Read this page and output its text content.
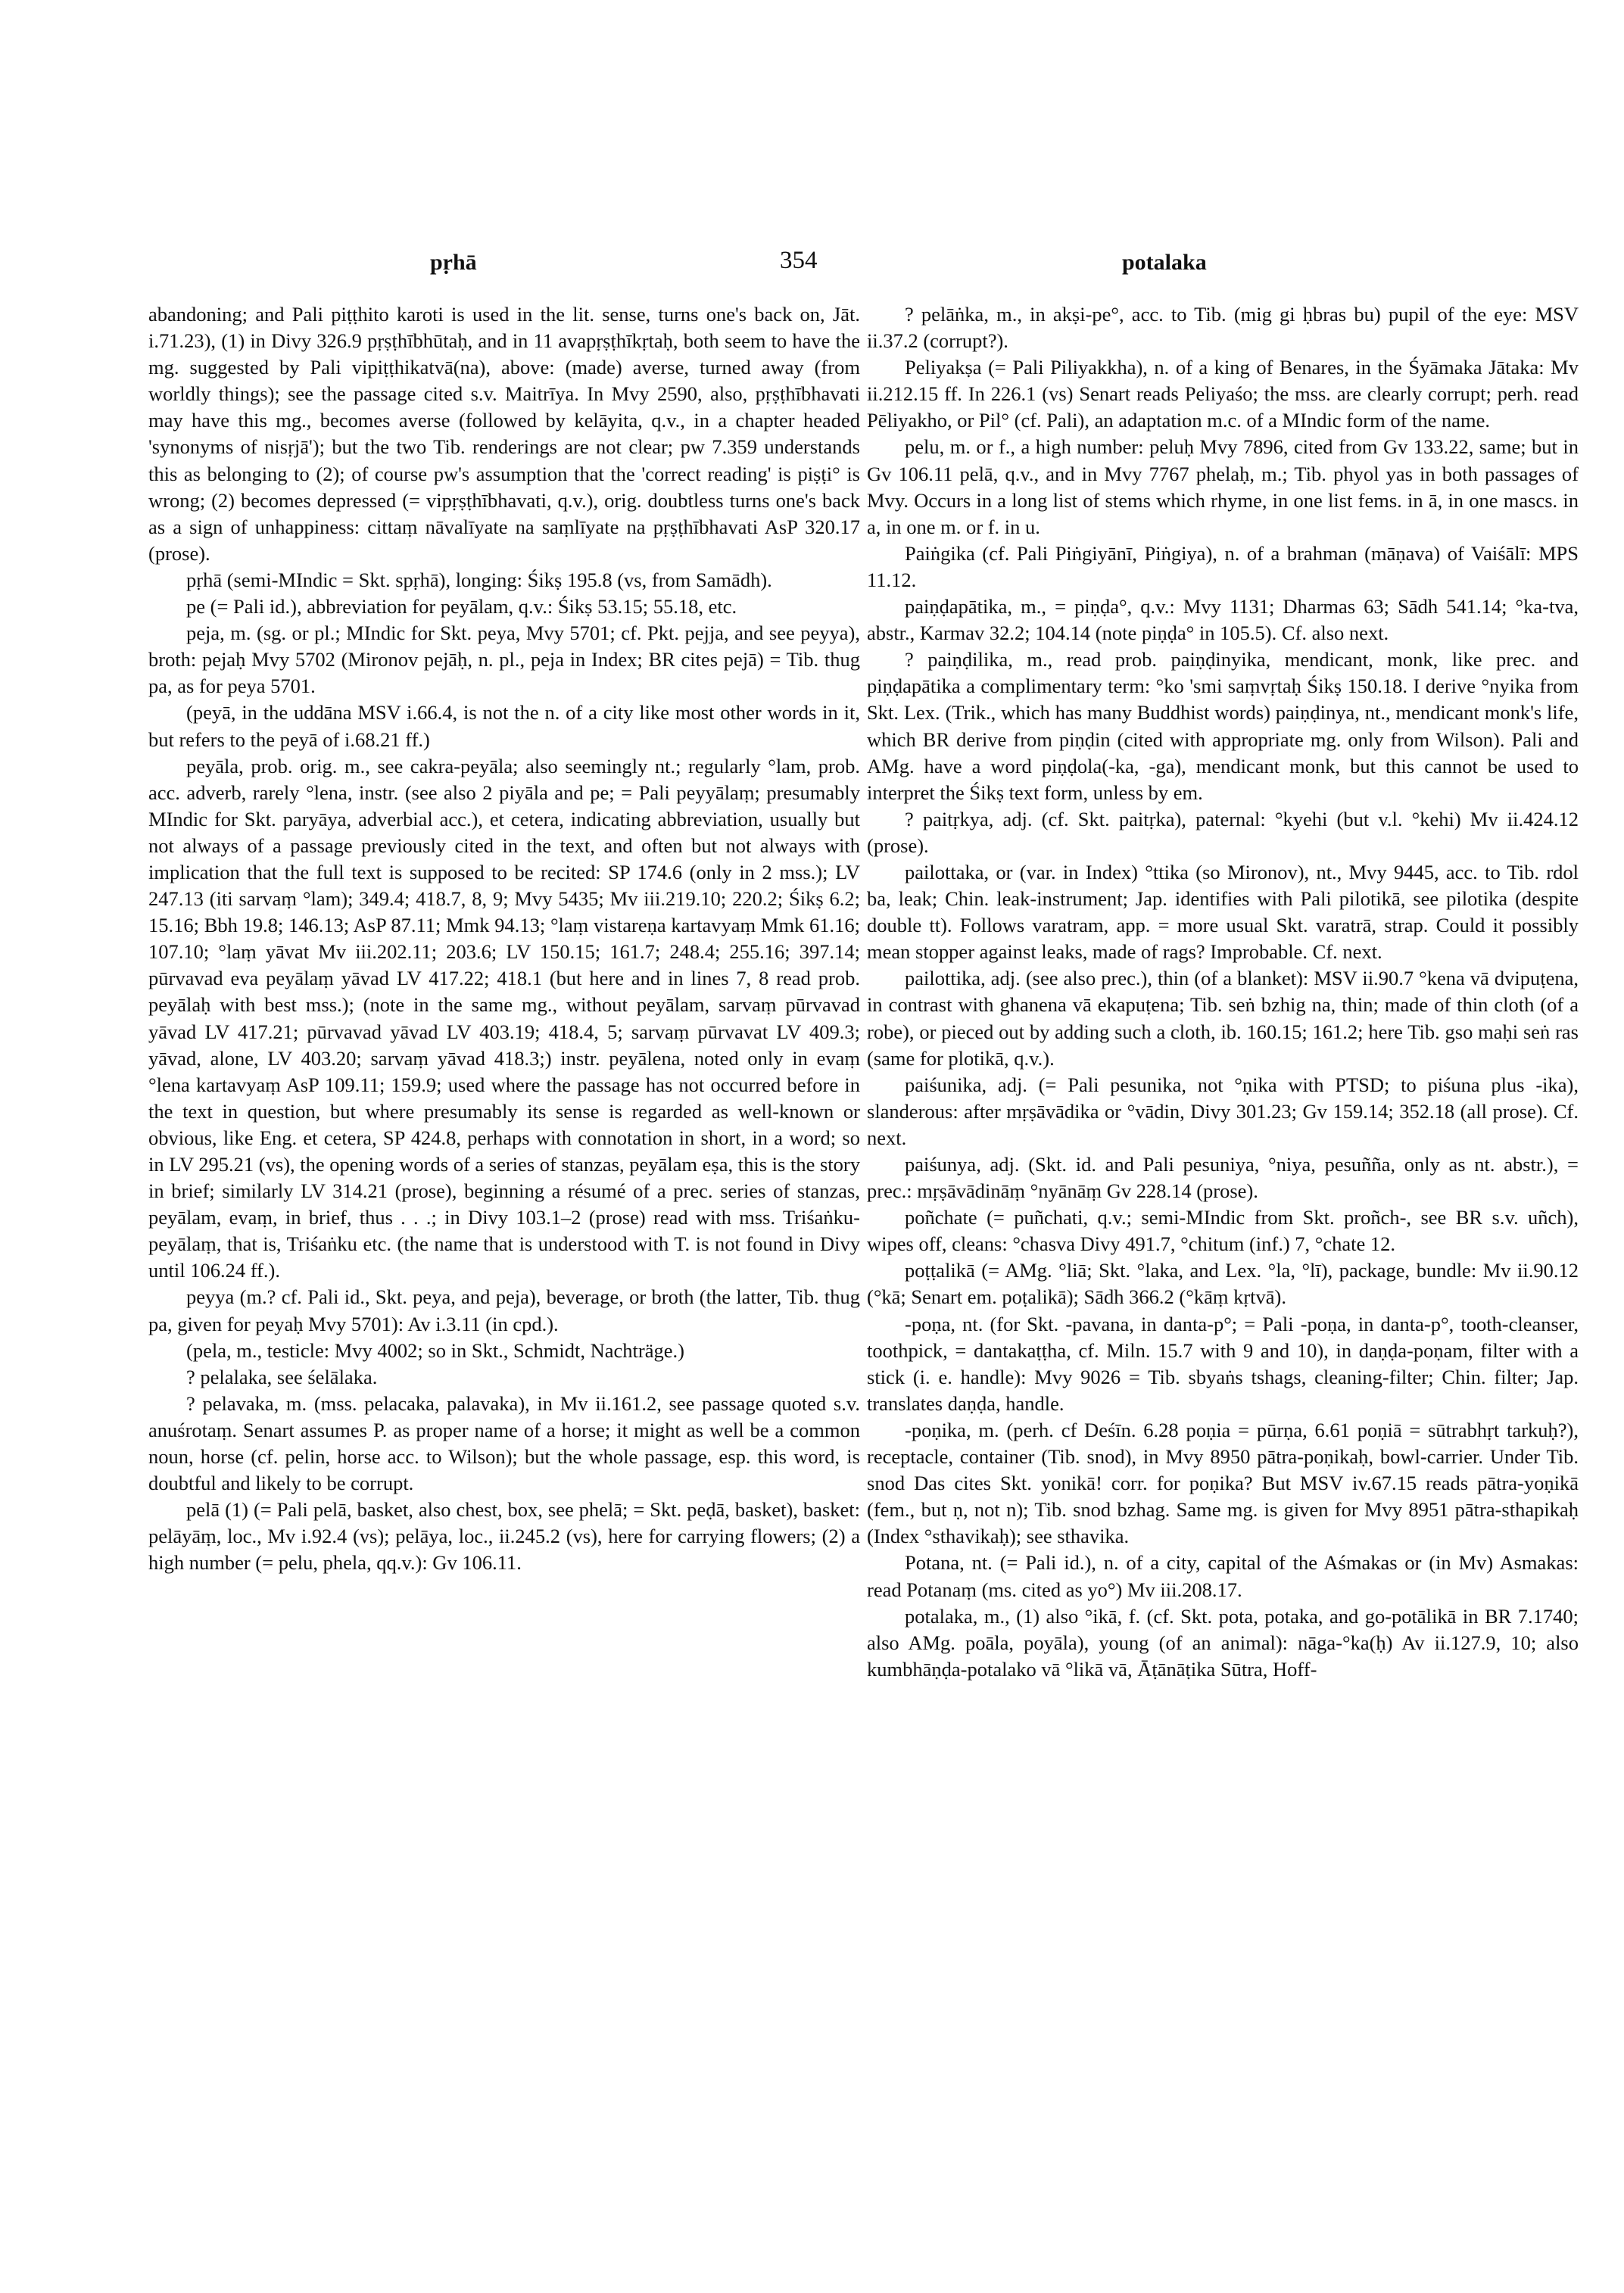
pṛhā	354	potalaka

abandoning; and Pali piṭṭhito karoti is used in the lit. sense, turns one's back on, Jāt. i.71.23), (1) in Divy 326.9 pṛṣṭhībhūtaḥ, and in 11 avapṛṣṭhīkṛtaḥ, both seem to have the mg. suggested by Pali vipiṭṭhikatvā(na), above: (made) averse, turned away (from worldly things); see the passage cited s.v. Maitrīya. In Mvy 2590, also, pṛṣṭhībhavati may have this mg., becomes averse (followed by kelāyita, q.v., in a chapter headed 'synonyms of nisṛjā'); but the two Tib. renderings are not clear; pw 7.359 understands this as belonging to (2); of course pw's assumption that the 'correct reading' is piṣṭi° is wrong; (2) becomes depressed (= vipṛṣṭhībhavati, q.v.), orig. doubtless turns one's back as a sign of unhappiness: cittaṃ nāvalīyate na saṃlīyate na pṛṣṭhībhavati AsP 320.17 (prose).

pṛhā (semi-MIndic = Skt. spṛhā), longing: Śikṣ 195.8 (vs, from Samādh).

pe (= Pali id.), abbreviation for peyālam, q.v.: Śikṣ 53.15; 55.18, etc.

peja, m. (sg. or pl.; MIndic for Skt. peya, Mvy 5701; cf. Pkt. pejja, and see peyya), broth: pejaḥ Mvy 5702 (Mironov pejāḥ, n. pl., peja in Index; BR cites pejā) = Tib. thug pa, as for peya 5701.

(peyā, in the uddāna MSV i.66.4, is not the n. of a city like most other words in it, but refers to the peyā of i.68.21 ff.)

peyāla, prob. orig. m., see cakra-peyāla; also seemingly nt.; regularly °lam, prob. acc. adverb, rarely °lena, instr. (see also 2 piyāla and pe; = Pali peyyālaṃ; presumably MIndic for Skt. paryāya, adverbial acc.), et cetera, indicating abbreviation, usually but not always of a passage previously cited in the text, and often but not always with implication that the full text is supposed to be recited: SP 174.6 (only in 2 mss.); LV 247.13 (iti sarvaṃ °lam); 349.4; 418.7, 8, 9; Mvy 5435; Mv iii.219.10; 220.2; Śikṣ 6.2; 15.16; Bbh 19.8; 146.13; AsP 87.11; Mmk 94.13; °laṃ vistareṇa kartavyaṃ Mmk 61.16; 107.10; °laṃ yāvat Mv iii.202.11; 203.6; LV 150.15; 161.7; 248.4; 255.16; 397.14; pūrvavad eva peyālaṃ yāvad LV 417.22; 418.1 (but here and in lines 7, 8 read prob. peyālaḥ with best mss.); (note in the same mg., without peyālam, sarvaṃ pūrvavad yāvad LV 417.21; pūrvavad yāvad LV 403.19; 418.4, 5; sarvaṃ pūrvavat LV 409.3; yāvad, alone, LV 403.20; sarvaṃ yāvad 418.3;) instr. peyālena, noted only in evaṃ °lena kartavyaṃ AsP 109.11; 159.9; used where the passage has not occurred before in the text in question, but where presumably its sense is regarded as well-known or obvious, like Eng. et cetera, SP 424.8, perhaps with connotation in short, in a word; so in LV 295.21 (vs), the opening words of a series of stanzas, peyālam eṣa, this is the story in brief; similarly LV 314.21 (prose), beginning a résumé of a prec. series of stanzas, peyālam, evaṃ, in brief, thus . . .; in Divy 103.1–2 (prose) read with mss. Triśaṅku-peyālaṃ, that is, Triśaṅku etc. (the name that is understood with T. is not found in Divy until 106.24 ff.).

peyya (m.? cf. Pali id., Skt. peya, and peja), beverage, or broth (the latter, Tib. thug pa, given for peyaḥ Mvy 5701): Av i.3.11 (in cpd.).

(pela, m., testicle: Mvy 4002; so in Skt., Schmidt, Nachträge.)

? pelalaka, see śelālaka.

? pelavaka, m. (mss. pelacaka, palavaka), in Mv ii.161.2, see passage quoted s.v. anuśrotaṃ. Senart assumes P. as proper name of a horse; it might as well be a common noun, horse (cf. pelin, horse acc. to Wilson); but the whole passage, esp. this word, is doubtful and likely to be corrupt.

pelā (1) (= Pali pelā, basket, also chest, box, see phelā; = Skt. peḍā, basket), basket: pelāyāṃ, loc., Mv i.92.4 (vs); pelāya, loc., ii.245.2 (vs), here for carrying flowers; (2) a high number (= pelu, phela, qq.v.): Gv 106.11.

? pelāṅka, m., in akṣi-pe°, acc. to Tib. (mig gi ḥbras bu) pupil of the eye: MSV ii.37.2 (corrupt?).

Peliyakṣa (= Pali Piliyakkha), n. of a king of Benares, in the Śyāmaka Jātaka: Mv ii.212.15 ff. In 226.1 (vs) Senart reads Peliyaśo; the mss. are clearly corrupt; perh. read Pēliyakho, or Pil° (cf. Pali), an adaptation m.c. of a MIndic form of the name.

pelu, m. or f., a high number: peluḥ Mvy 7896, cited from Gv 133.22, same; but in Gv 106.11 pelā, q.v., and in Mvy 7767 phelaḥ, m.; Tib. phyol yas in both passages of Mvy. Occurs in a long list of stems which rhyme, in one list fems. in ā, in one mascs. in a, in one m. or f. in u.

Paiṅgika (cf. Pali Piṅgiyānī, Piṅgiya), n. of a brahman (māṇava) of Vaiśālī: MPS 11.12.

paiṇḍapātika, m., = piṇḍa°, q.v.: Mvy 1131; Dharmas 63; Sādh 541.14; °ka-tva, abstr., Karmav 32.2; 104.14 (note piṇḍa° in 105.5). Cf. also next.

? paiṇḍilika, m., read prob. paiṇḍinyika, mendicant, monk, like prec. and piṇḍapātika a complimentary term: °ko 'smi saṃvṛtaḥ Śikṣ 150.18. I derive °nyika from Skt. Lex. (Trik., which has many Buddhist words) paiṇḍinya, nt., mendicant monk's life, which BR derive from piṇḍin (cited with appropriate mg. only from Wilson). Pali and AMg. have a word piṇḍola(-ka, -ga), mendicant monk, but this cannot be used to interpret the Śikṣ text form, unless by em.

? paitṛkya, adj. (cf. Skt. paitṛka), paternal: °kyehi (but v.l. °kehi) Mv ii.424.12 (prose).

pailottaka, or (var. in Index) °ttika (so Mironov), nt., Mvy 9445, acc. to Tib. rdol ba, leak; Chin. leak-instrument; Jap. identifies with Pali pilotikā, see pilotika (despite double tt). Follows varatram, app. = more usual Skt. varatrā, strap. Could it possibly mean stopper against leaks, made of rags? Improbable. Cf. next.

pailottika, adj. (see also prec.), thin (of a blanket): MSV ii.90.7 °kena vā dvipuṭena, in contrast with ghanena vā ekapuṭena; Tib. seṅ bzhig na, thin; made of thin cloth (of a robe), or pieced out by adding such a cloth, ib. 160.15; 161.2; here Tib. gso maḥi seṅ ras (same for plotikā, q.v.).

paiśunika, adj. (= Pali pesunika, not °ṇika with PTSD; to piśuna plus -ika), slanderous: after mṛṣāvādika or °vādin, Divy 301.23; Gv 159.14; 352.18 (all prose). Cf. next.

paiśunya, adj. (Skt. id. and Pali pesuniya, °niya, pesuñña, only as nt. abstr.), = prec.: mṛṣāvādināṃ °nyānāṃ Gv 228.14 (prose).

poñchate (= puñchati, q.v.; semi-MIndic from Skt. proñch-, see BR s.v. uñch), wipes off, cleans: °chasva Divy 491.7, °chitum (inf.) 7, °chate 12.

poṭṭalikā (= AMg. °liā; Skt. °laka, and Lex. °la, °lī), package, bundle: Mv ii.90.12 (°kā; Senart em. poṭalikā); Sādh 366.2 (°kāṃ kṛtvā).

-poṇa, nt. (for Skt. -pavana, in danta-p°; = Pali -poṇa, in danta-p°, tooth-cleanser, toothpick, = dantakaṭṭha, cf. Miln. 15.7 with 9 and 10), in daṇḍa-poṇam, filter with a stick (i. e. handle): Mvy 9026 = Tib. sbyaṅs tshags, cleaning-filter; Chin. filter; Jap. translates daṇḍa, handle.

-poṇika, m. (perh. cf Deśīn. 6.28 poṇia = pūrṇa, 6.61 poṇiā = sūtrabhṛt tarkuḥ?), receptacle, container (Tib. snod), in Mvy 8950 pātra-poṇikaḥ, bowl-carrier. Under Tib. snod Das cites Skt. yonikā! corr. for poṇika? But MSV iv.67.15 reads pātra-yoṇikā (fem., but ṇ, not n); Tib. snod bzhag. Same mg. is given for Mvy 8951 pātra-sthapikaḥ (Index °sthavikaḥ); see sthavika.

Potana, nt. (= Pali id.), n. of a city, capital of the Aśmakas or (in Mv) Asmakas: read Potanaṃ (ms. cited as yo°) Mv iii.208.17.

potalaka, m., (1) also °ikā, f. (cf. Skt. pota, potaka, and go-potālikā in BR 7.1740; also AMg. poāla, poyāla), young (of an animal): nāga-°ka(ḥ) Av ii.127.9, 10; also kumbhāṇḍa-potalako vā °likā vā, Āṭānāṭika Sūtra, Hoff-
